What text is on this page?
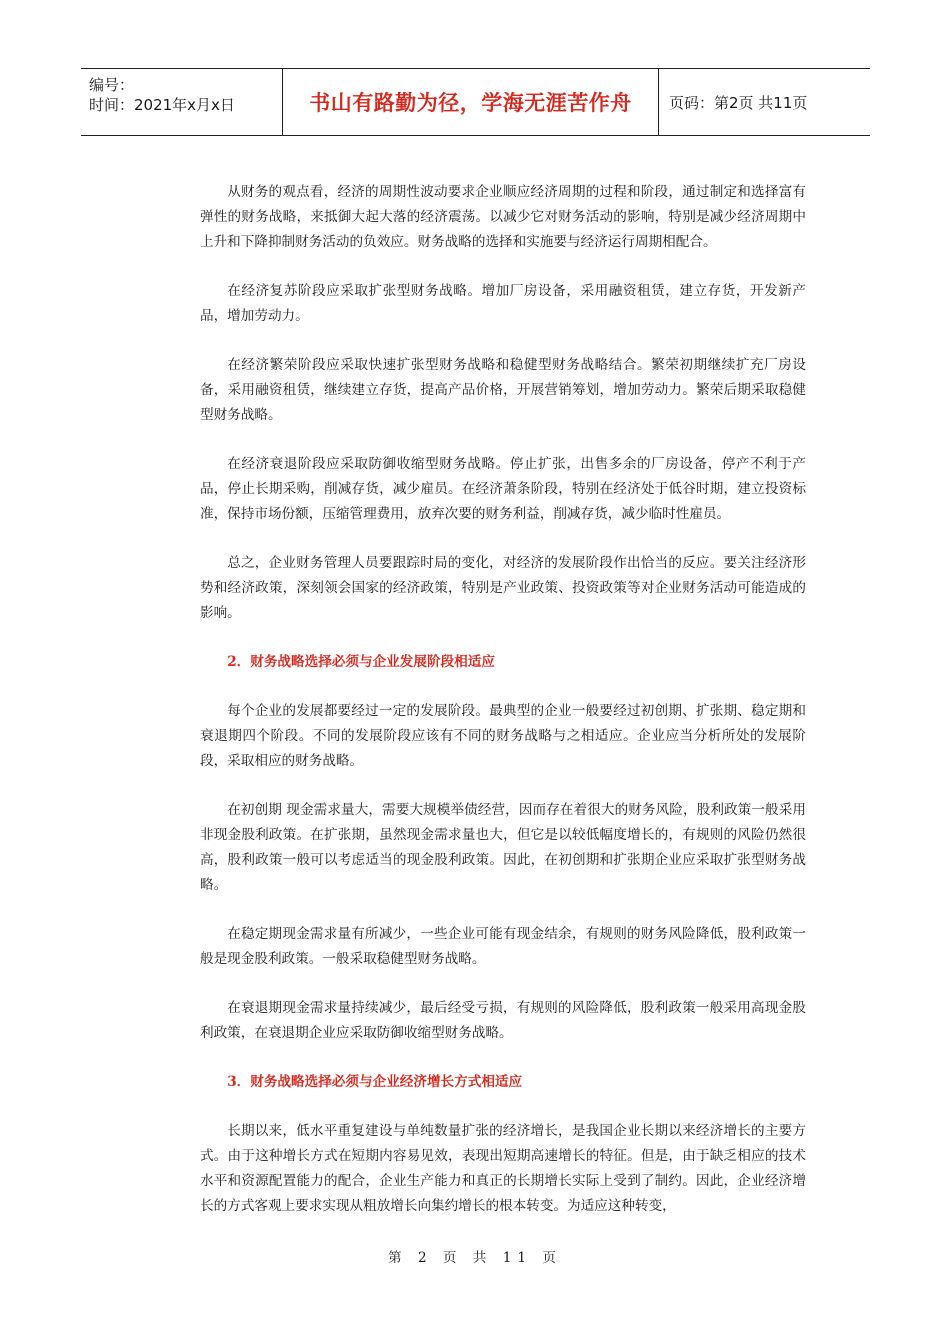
编号：
时间：2021年x月x日	书山有路勤为径，学海无涯苦作舟	页码：第2页 共11页

从财务的观点看，经济的周期性波动要求企业顺应经济周期的过程和阶段，通过制定和选择富有弹性的财务战略，来抵御大起大落的经济震荡。以减少它对财务活动的影响，特别是减少经济周期中上升和下降抑制财务活动的负效应。财务战略的选择和实施要与经济运行周期相配合。

在经济复苏阶段应采取扩张型财务战略。增加厂房设备，采用融资租赁，建立存货，开发新产品，增加劳动力。

在经济繁荣阶段应采取快速扩张型财务战略和稳健型财务战略结合。繁荣初期继续扩充厂房设备，采用融资租赁，继续建立存货，提高产品价格，开展营销筹划，增加劳动力。繁荣后期采取稳健型财务战略。

在经济衰退阶段应采取防御收缩型财务战略。停止扩张，出售多余的厂房设备，停产不利于产品，停止长期采购，削减存货，减少雇员。在经济萧条阶段，特别在经济处于低谷时期，建立投资标准，保持市场份额，压缩管理费用，放弃次要的财务利益，削减存货，减少临时性雇员。

总之，企业财务管理人员要跟踪时局的变化，对经济的发展阶段作出恰当的反应。要关注经济形势和经济政策，深刻领会国家的经济政策，特别是产业政策、投资政策等对企业财务活动可能造成的影响。

2．财务战略选择必须与企业发展阶段相适应

每个企业的发展都要经过一定的发展阶段。最典型的企业一般要经过初创期、扩张期、稳定期和衰退期四个阶段。不同的发展阶段应该有不同的财务战略与之相适应。企业应当分析所处的发展阶段，采取相应的财务战略。

在初创期 现金需求量大，需要大规模举债经营，因而存在着很大的财务风险，股利政策一般采用非现金股利政策。在扩张期，虽然现金需求量也大，但它是以较低幅度增长的，有规则的风险仍然很高，股利政策一般可以考虑适当的现金股利政策。因此，在初创期和扩张期企业应采取扩张型财务战略。

在稳定期现金需求量有所减少，一些企业可能有现金结余，有规则的财务风险降低，股利政策一般是现金股利政策。一般采取稳健型财务战略。

在衰退期现金需求量持续减少，最后经受亏损，有规则的风险降低，股利政策一般采用高现金股利政策，在衰退期企业应采取防御收缩型财务战略。

3．财务战略选择必须与企业经济增长方式相适应

长期以来，低水平重复建设与单纯数量扩张的经济增长，是我国企业长期以来经济增长的主要方式。由于这种增长方式在短期内容易见效，表现出短期高速增长的特征。但是，由于缺乏相应的技术水平和资源配置能力的配合，企业生产能力和真正的长期增长实际上受到了制约。因此，企业经济增长的方式客观上要求实现从粗放增长向集约增长的根本转变。为适应这种转变，

第 2 页 共 11 页
